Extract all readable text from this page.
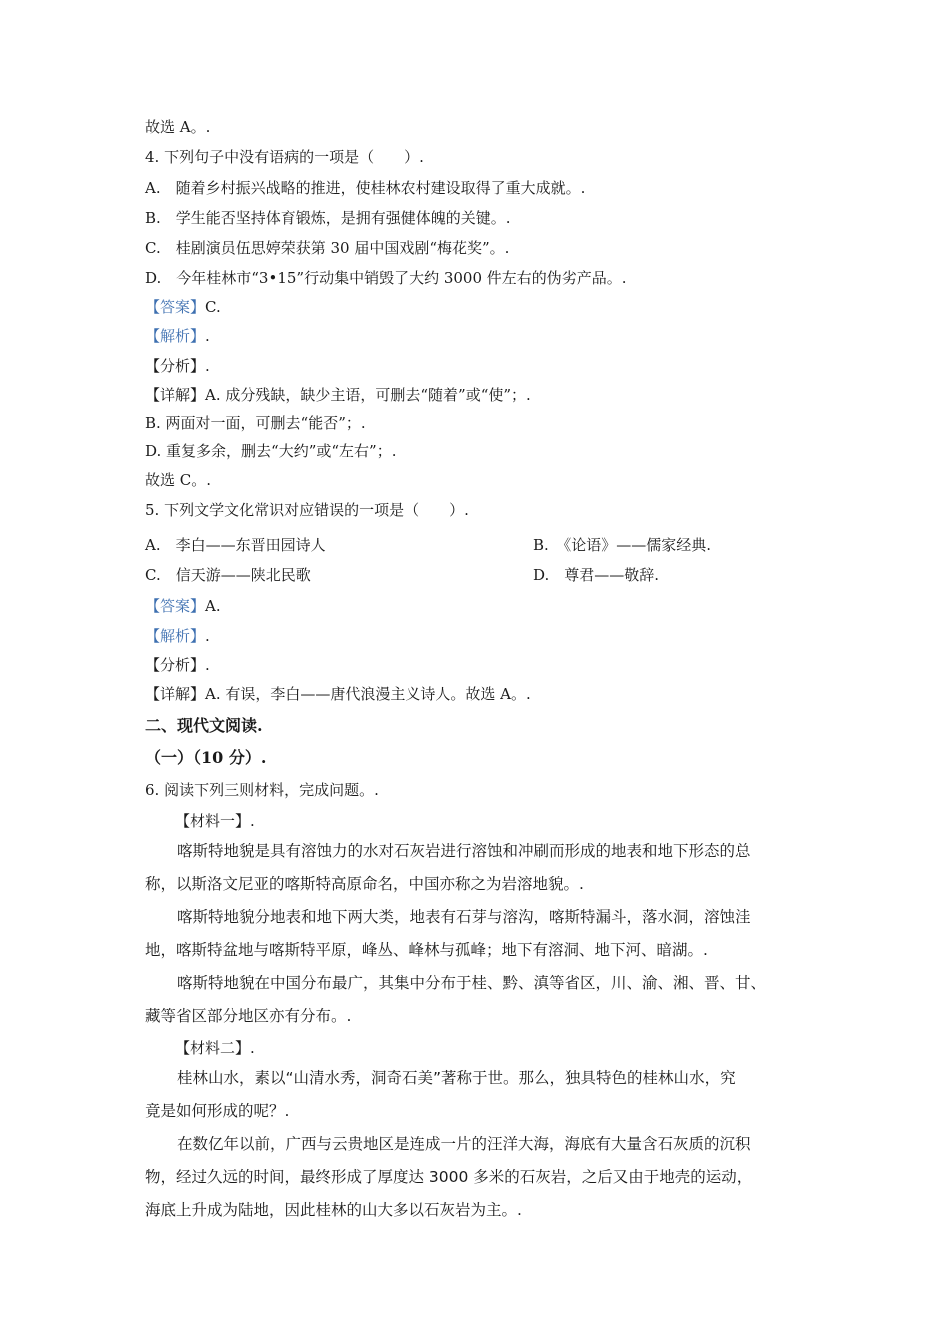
故选 A。.
4. 下列句子中没有语病的一项是（　　）.
A.　随着乡村振兴战略的推进，使桂林农村建设取得了重大成就。.
B.　学生能否坚持体育锻炼，是拥有强健体魄的关键。.
C.　桂剧演员伍思婷荣获第 30 届中国戏剧“梅花奖”。.
D.　今年桂林市“3•15”行动集中销毁了大约 3000 件左右的伪劣产品。.
【答案】C.
【解析】.
【分析】.
【详解】A. 成分残缺，缺少主语，可删去“随着”或“使”；.
B. 两面对一面，可删去“能否”；.
D. 重复多余，删去“大约”或“左右”；.
故选 C。.
5. 下列文学文化常识对应错误的一项是（　　）.
A.　李白——东晋田园诗人	B.　《论语》——儒家经典.
C.　信天游——陕北民歌	D.　尊君——敬辞.
【答案】A.
【解析】.
【分析】.
【详解】A. 有误，李白——唐代浪漫主义诗人。故选 A。.
二、现代文阅读.
（一）（10 分）.
6. 阅读下列三则材料，完成问题。.
【材料一】.
喀斯特地貌是具有溶蚀力的水对石灰岩进行溶蚀和冲刷而形成的地表和地下形态的总
称，以斯洛文尼亚的喀斯特高原命名，中国亦称之为岩溶地貌。.
喀斯特地貌分地表和地下两大类，地表有石芽与溶沟，喀斯特漏斗，落水洞，溶蚀洼
地，喀斯特盆地与喀斯特平原，峰丛、峰林与孤峰；地下有溶洞、地下河、暗湖。.
喀斯特地貌在中国分布最广，其集中分布于桂、黔、滇等省区，川、渝、湘、晋、甘、
藏等省区部分地区亦有分布。.
【材料二】.
桂林山水，素以“山清水秀，洞奇石美”著称于世。那么，独具特色的桂林山水，究
竟是如何形成的呢？.
在数亿年以前，广西与云贵地区是连成一片的汪洋大海，海底有大量含石灰质的沉积
物，经过久远的时间，最终形成了厚度达 3000 多米的石灰岩，之后又由于地壳的运动，
海底上升成为陆地，因此桂林的山大多以石灰岩为主。.
